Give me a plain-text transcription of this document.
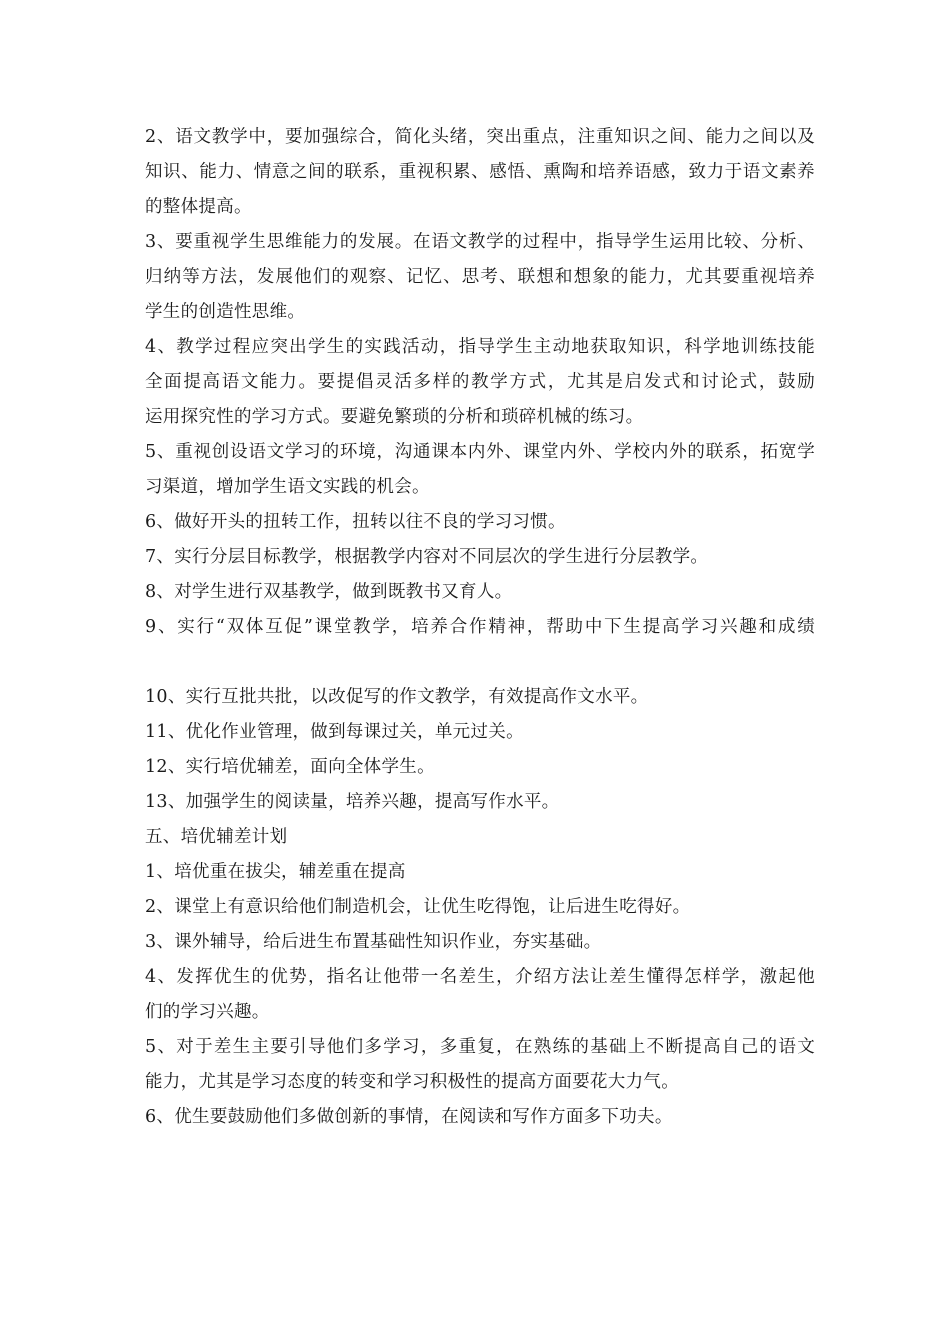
2、语文教学中，要加强综合，简化头绪，突出重点，注重知识之间、能力之间以及
知识、能力、情意之间的联系，重视积累、感悟、熏陶和培养语感，致力于语文素养
的整体提高。
3、要重视学生思维能力的发展。在语文教学的过程中，指导学生运用比较、分析、
归纳等方法，发展他们的观察、记忆、思考、联想和想象的能力，尤其要重视培养
学生的创造性思维。
4、教学过程应突出学生的实践活动，指导学生主动地获取知识，科学地训练技能
全面提高语文能力。要提倡灵活多样的教学方式，尤其是启发式和讨论式，鼓励
运用探究性的学习方式。要避免繁琐的分析和琐碎机械的练习。
5、重视创设语文学习的环境，沟通课本内外、课堂内外、学校内外的联系，拓宽学
习渠道，增加学生语文实践的机会。
6、做好开头的扭转工作，扭转以往不良的学习习惯。
7、实行分层目标教学，根据教学内容对不同层次的学生进行分层教学。
8、对学生进行双基教学，做到既教书又育人。
9、实行“双体互促”课堂教学，培养合作精神，帮助中下生提高学习兴趣和成绩
10、实行互批共批，以改促写的作文教学，有效提高作文水平。
11、优化作业管理，做到每课过关，单元过关。
12、实行培优辅差，面向全体学生。
13、加强学生的阅读量，培养兴趣，提高写作水平。
五、培优辅差计划
1、培优重在拔尖，辅差重在提高
2、课堂上有意识给他们制造机会，让优生吃得饱，让后进生吃得好。
3、课外辅导，给后进生布置基础性知识作业，夯实基础。
4、发挥优生的优势，指名让他带一名差生，介绍方法让差生懂得怎样学，激起他
们的学习兴趣。
5、对于差生主要引导他们多学习，多重复，在熟练的基础上不断提高自己的语文
能力，尤其是学习态度的转变和学习积极性的提高方面要花大力气。
6、优生要鼓励他们多做创新的事情，在阅读和写作方面多下功夫。
